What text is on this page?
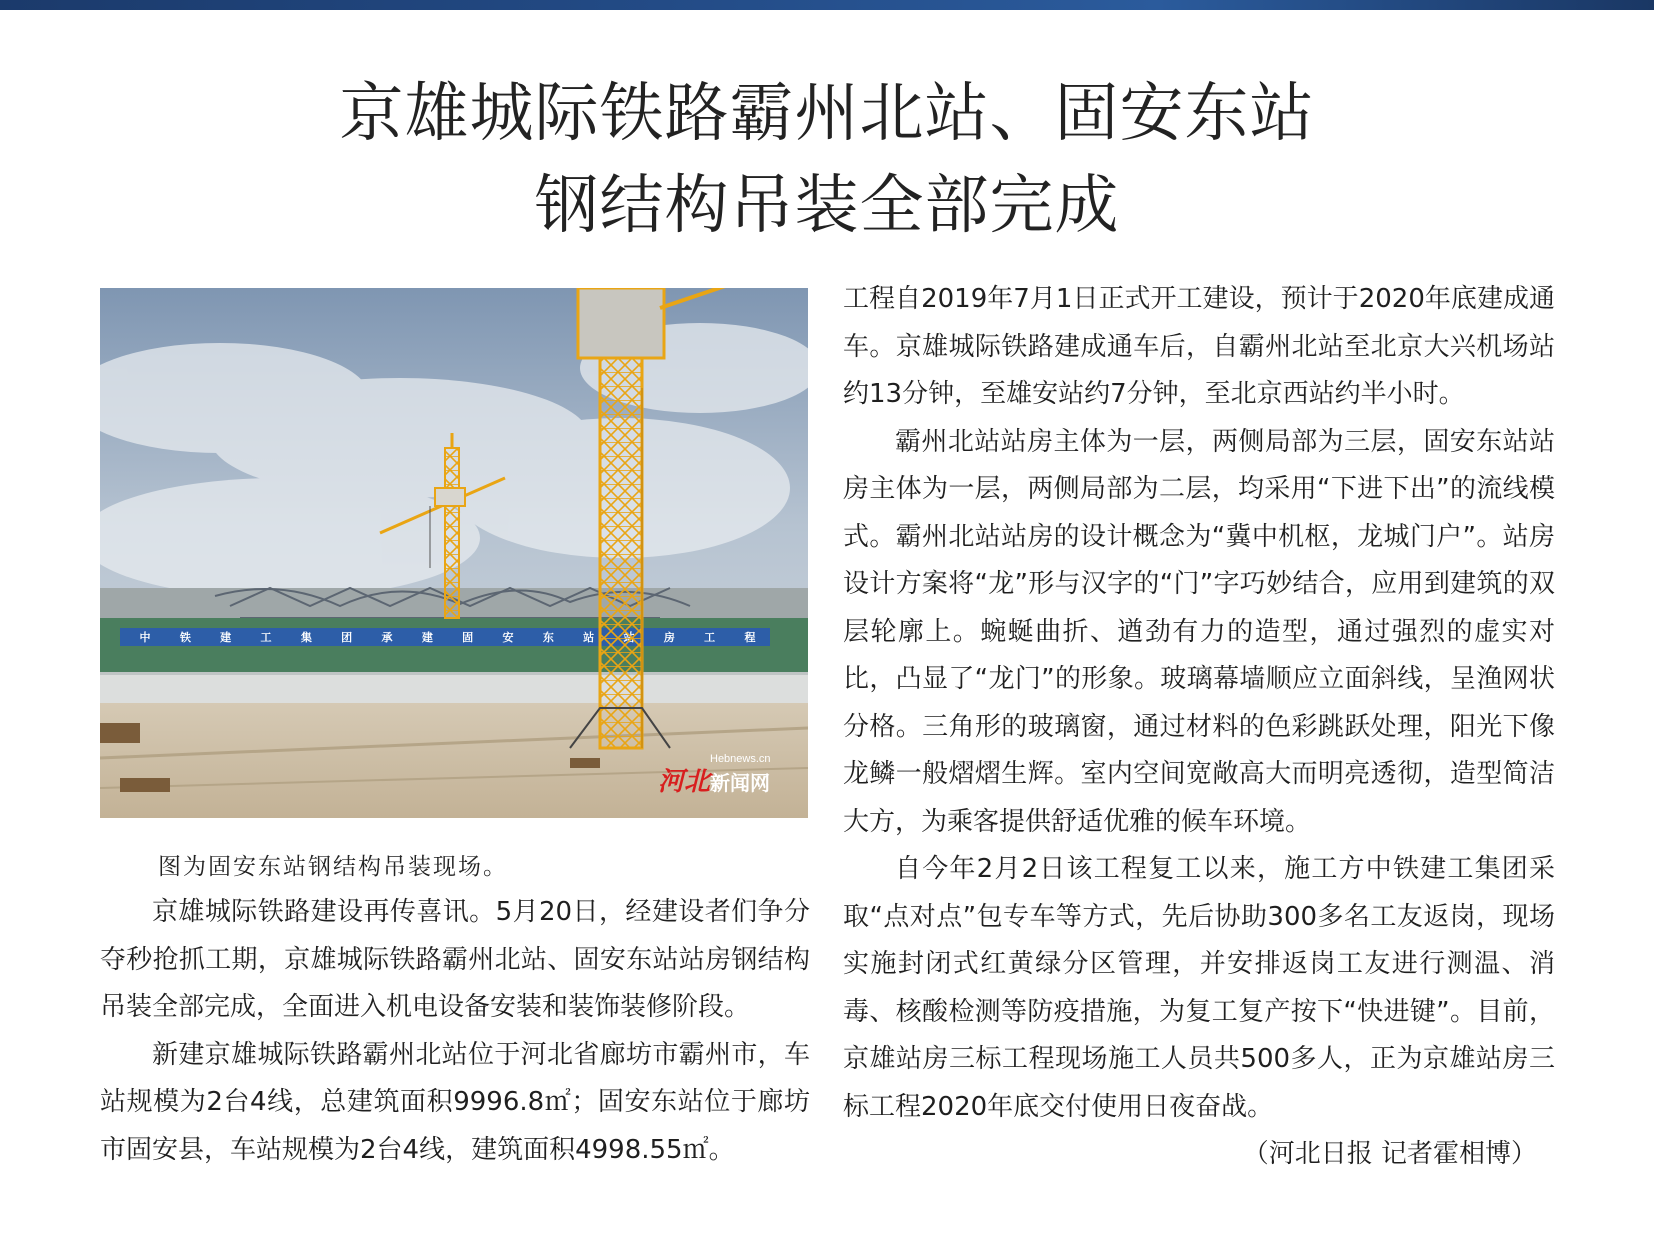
京雄城际铁路霸州北站、固安东站
钢结构吊装全部完成
中	铁	建	工	集	团	承	建	固	安	东	站	房	工	程
Hebnews.cn
河北 新闻网
图为固安东站钢结构吊装现场。

京雄城际铁路建设再传喜讯。5月20日，经建设者们争分夺秒抢抓工期，京雄城际铁路霸州北站、固安东站站房钢结构吊装全部完成，全面进入机电设备安装和装饰装修阶段。

新建京雄城际铁路霸州北站位于河北省廊坊市霸州市，车站规模为2台4线，总建筑面积9996.8㎡；固安东站位于廊坊市固安县，车站规模为2台4线，建筑面积4998.55㎡。

工程自2019年7月1日正式开工建设，预计于2020年底建成通车。京雄城际铁路建成通车后，自霸州北站至北京大兴机场站约13分钟，至雄安站约7分钟，至北京西站约半小时。

霸州北站站房主体为一层，两侧局部为三层，固安东站站房主体为一层，两侧局部为二层，均采用“下进下出”的流线模式。霸州北站站房的设计概念为“冀中机枢，龙城门户”。站房设计方案将“龙”形与汉字的“门”字巧妙结合，应用到建筑的双层轮廓上。蜿蜒曲折、遒劲有力的造型，通过强烈的虚实对比，凸显了“龙门”的形象。玻璃幕墙顺应立面斜线，呈渔网状分格。三角形的玻璃窗，通过材料的色彩跳跃处理，阳光下像龙鳞一般熠熠生辉。室内空间宽敞高大而明亮透彻，造型简洁大方，为乘客提供舒适优雅的候车环境。

自今年2月2日该工程复工以来，施工方中铁建工集团采取“点对点”包专车等方式，先后协助300多名工友返岗，现场实施封闭式红黄绿分区管理，并安排返岗工友进行测温、消毒、核酸检测等防疫措施，为复工复产按下“快进键”。目前，京雄站房三标工程现场施工人员共500多人，正为京雄站房三标工程2020年底交付使用日夜奋战。

（河北日报 记者霍相博）
